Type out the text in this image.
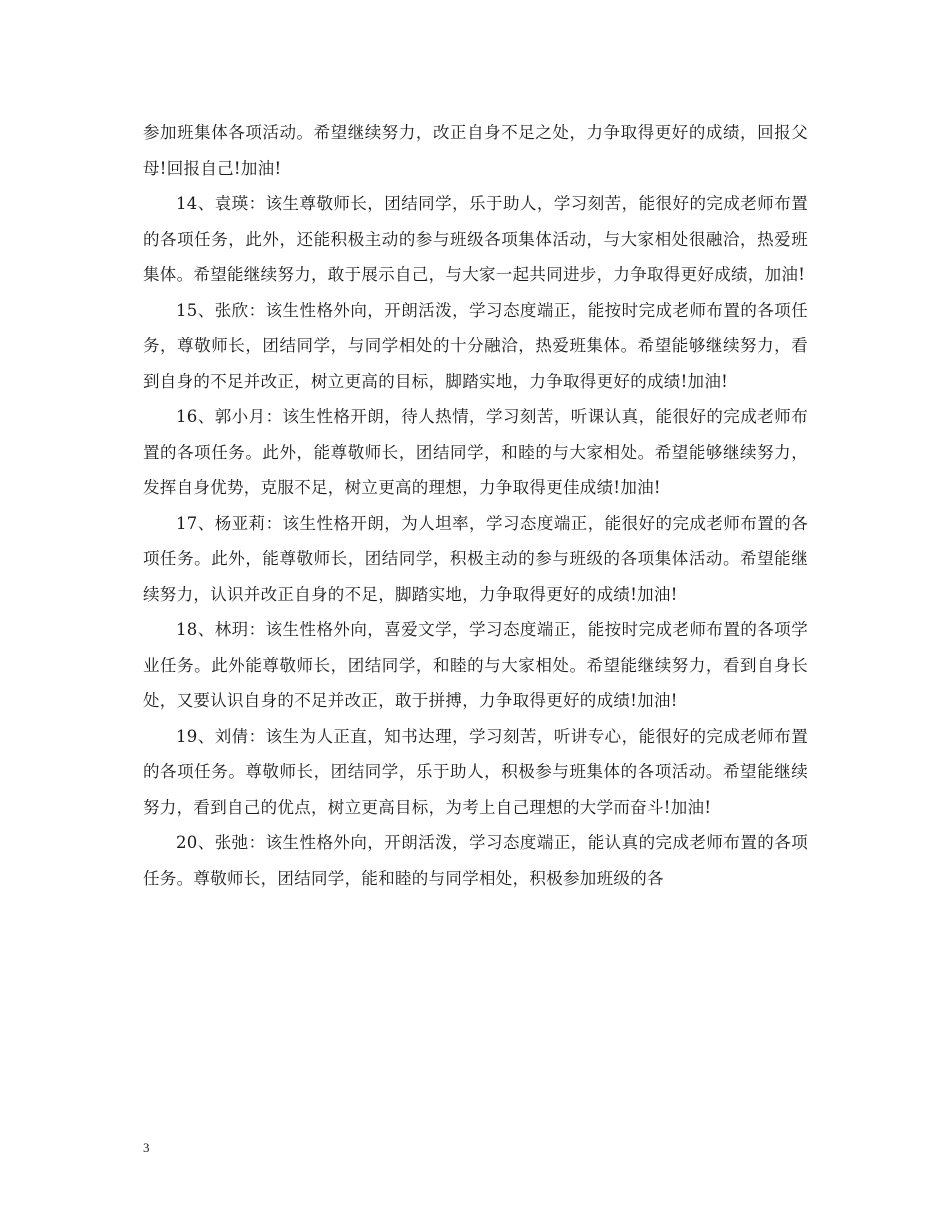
参加班集体各项活动。希望继续努力，改正自身不足之处，力争取得更好的成绩，回报父母!回报自己!加油!

14、袁瑛：该生尊敬师长，团结同学，乐于助人，学习刻苦，能很好的完成老师布置的各项任务，此外，还能积极主动的参与班级各项集体活动，与大家相处很融洽，热爱班集体。希望能继续努力，敢于展示自己，与大家一起共同进步，力争取得更好成绩，加油!

15、张欣：该生性格外向，开朗活泼，学习态度端正，能按时完成老师布置的各项任务，尊敬师长，团结同学，与同学相处的十分融洽，热爱班集体。希望能够继续努力，看到自身的不足并改正，树立更高的目标，脚踏实地，力争取得更好的成绩!加油!

16、郭小月：该生性格开朗，待人热情，学习刻苦，听课认真，能很好的完成老师布置的各项任务。此外，能尊敬师长，团结同学，和睦的与大家相处。希望能够继续努力，发挥自身优势，克服不足，树立更高的理想，力争取得更佳成绩!加油!

17、杨亚莉：该生性格开朗，为人坦率，学习态度端正，能很好的完成老师布置的各项任务。此外，能尊敬师长，团结同学，积极主动的参与班级的各项集体活动。希望能继续努力，认识并改正自身的不足，脚踏实地，力争取得更好的成绩!加油!

18、林玥：该生性格外向，喜爱文学，学习态度端正，能按时完成老师布置的各项学业任务。此外能尊敬师长，团结同学，和睦的与大家相处。希望能继续努力，看到自身长处，又要认识自身的不足并改正，敢于拼搏，力争取得更好的成绩!加油!

19、刘倩：该生为人正直，知书达理，学习刻苦，听讲专心，能很好的完成老师布置的各项任务。尊敬师长，团结同学，乐于助人，积极参与班集体的各项活动。希望能继续努力，看到自己的优点，树立更高目标，为考上自己理想的大学而奋斗!加油!

20、张弛：该生性格外向，开朗活泼，学习态度端正，能认真的完成老师布置的各项任务。尊敬师长，团结同学，能和睦的与同学相处，积极参加班级的各

3
